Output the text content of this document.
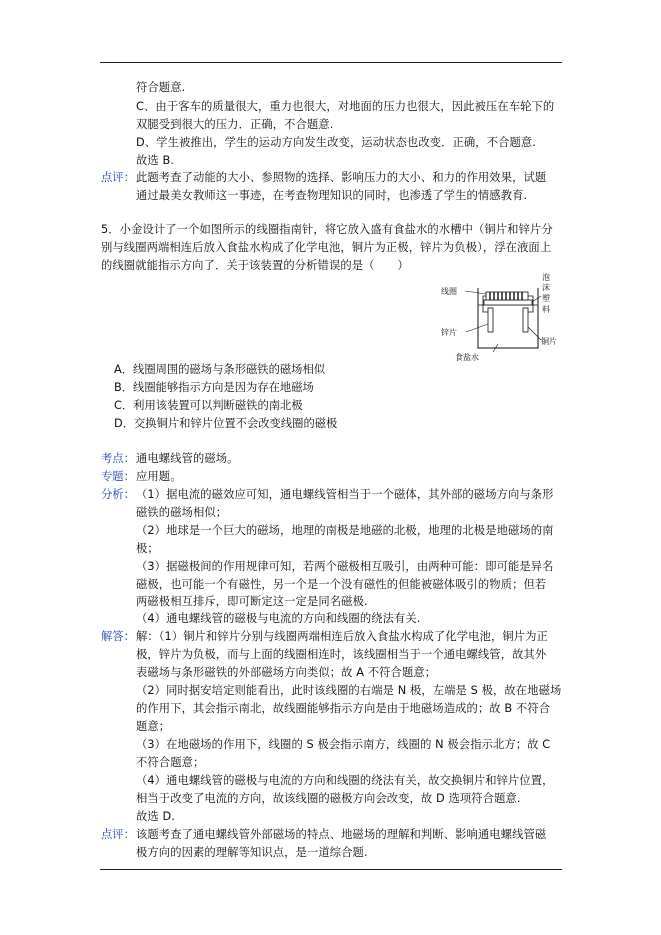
符合题意.
C、由于客车的质量很大，重力也很大，对地面的压力也很大，因此被压在车轮下的
双腿受到很大的压力．正确，不合题意.
D、学生被推出，学生的运动方向发生改变，运动状态也改变．正确，不合题意.
故选 B.
点评： 此题考查了动能的大小、参照物的选择、影响压力的大小、和力的作用效果，试题
通过最美女教师这一事迹，在考查物理知识的同时，也渗透了学生的情感教育.
5．小金设计了一个如图所示的线圈指南针，将它放入盛有食盐水的水槽中（铜片和锌片分
别与线圈两端相连后放入食盐水构成了化学电池，铜片为正极，锌片为负极），浮在液面上
的线圈就能指示方向了．关于该装置的分析错误的是（　　）
线圈
泡
沫
塑
料
锌片
铜片
食盐水
A．线圈周围的磁场与条形磁铁的磁场相似
B．线圈能够指示方向是因为存在地磁场
C．利用该装置可以判断磁铁的南北极
D．交换铜片和锌片位置不会改变线圈的磁极
考点： 通电螺线管的磁场。
专题： 应用题。
分析： （1）据电流的磁效应可知，通电螺线管相当于一个磁体，其外部的磁场方向与条形
磁铁的磁场相似；
（2）地球是一个巨大的磁场，地理的南极是地磁的北极，地理的北极是地磁场的南
极；
（3）据磁极间的作用规律可知，若两个磁极相互吸引，由两种可能：即可能是异名
磁极，也可能一个有磁性，另一个是一个没有磁性的但能被磁体吸引的物质；但若
两磁极相互排斥，即可断定这一定是同名磁极.
（4）通电螺线管的磁极与电流的方向和线圈的绕法有关.
解答： 解：（1）铜片和锌片分别与线圈两端相连后放入食盐水构成了化学电池，铜片为正
极，锌片为负极，而与上面的线圈相连时，该线圈相当于一个通电螺线管，故其外
表磁场与条形磁铁的外部磁场方向类似；故 A 不符合题意；
（2）同时据安培定则能看出，此时该线圈的右端是 N 极，左端是 S 极，故在地磁场
的作用下，其会指示南北，故线圈能够指示方向是由于地磁场造成的；故 B 不符合
题意；
（3）在地磁场的作用下，线圈的 S 极会指示南方，线圈的 N 极会指示北方；故 C
不符合题意；
（4）通电螺线管的磁极与电流的方向和线圈的绕法有关，故交换铜片和锌片位置，
相当于改变了电流的方向，故该线圈的磁极方向会改变，故 D 选项符合题意.
故选 D.
点评： 该题考查了通电螺线管外部磁场的特点、地磁场的理解和判断、影响通电螺线管磁
极方向的因素的理解等知识点，是一道综合题.
